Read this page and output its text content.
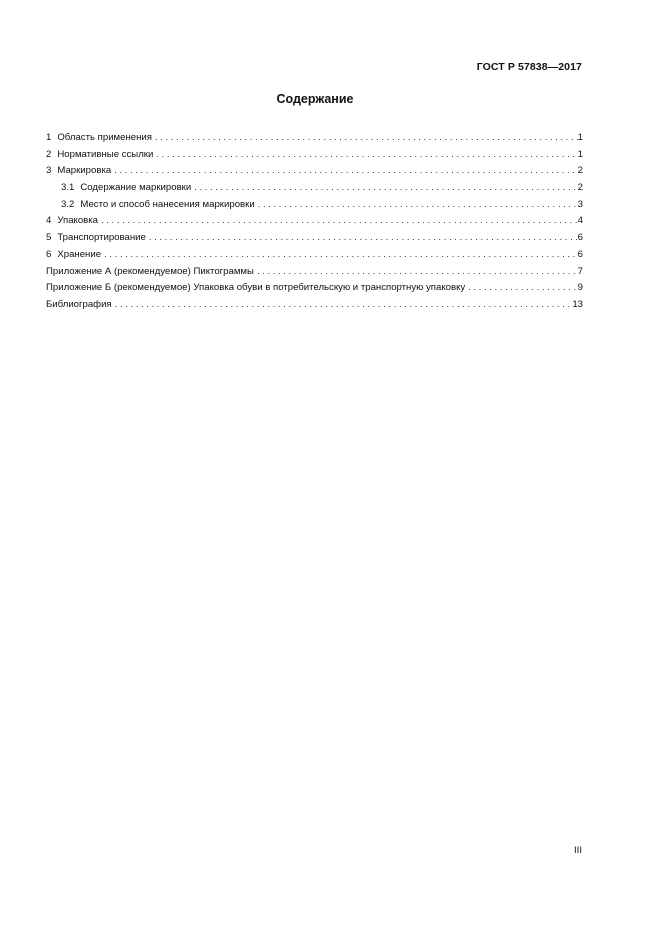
ГОСТ Р 57838—2017
Содержание
1 Область применения .....	1
2 Нормативные ссылки .....	1
3 Маркировка .....	2
3.1 Содержание маркировки .....	2
3.2 Место и способ нанесения маркировки .....	3
4 Упаковка .....	4
5 Транспортирование .....	6
6 Хранение .....	6
Приложение А (рекомендуемое) Пиктограммы .....	7
Приложение Б (рекомендуемое) Упаковка обуви в потребительскую и транспортную упаковку .....	9
Библиография .....	13
III
